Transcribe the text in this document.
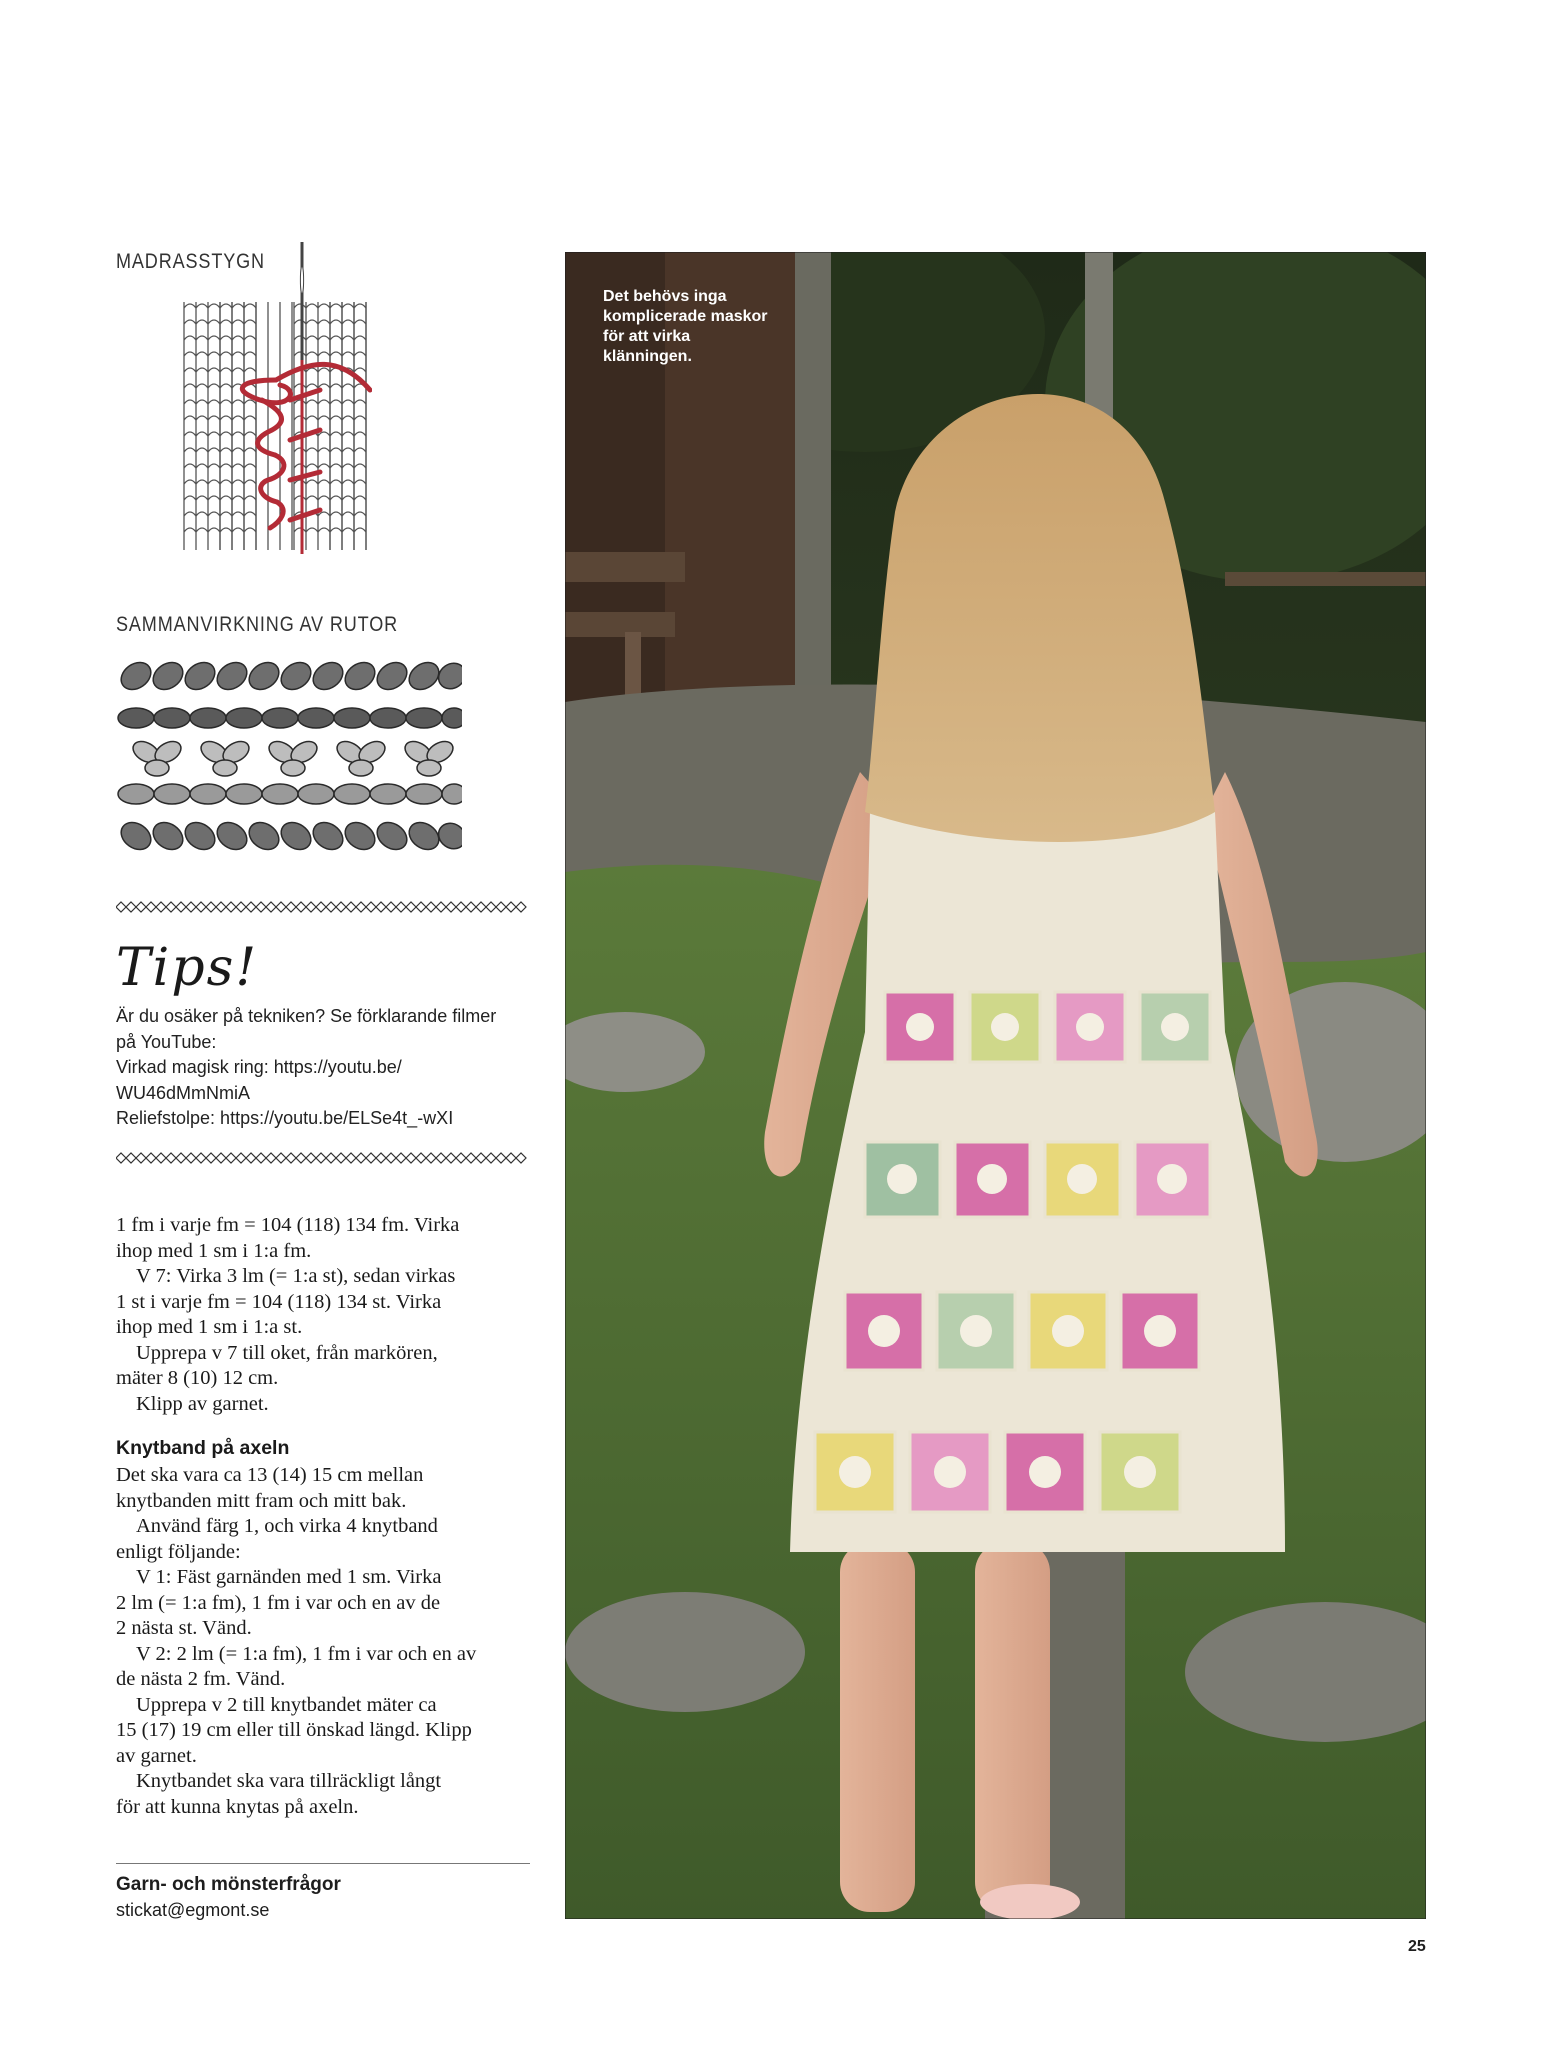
MADRASSTYGN
SAMMANVIRKNING AV RUTOR
Tips!
Är du osäker på tekniken? Se förklarande filmer
på YouTube:
Virkad magisk ring: https://youtu.be/
WU46dMmNmiA
Reliefstolpe: https://youtu.be/ELSe4t_-wXI
1 fm i varje fm = 104 (118) 134 fm. Virka
ihop med 1 sm i 1:a fm.
V 7: Virka 3 lm (= 1:a st), sedan virkas
1 st i varje fm = 104 (118) 134 st. Virka
ihop med 1 sm i 1:a st.
Upprepa v 7 till oket, från markören,
mäter 8 (10) 12 cm.
Klipp av garnet.
Knytband på axeln
Det ska vara ca 13 (14) 15 cm mellan
knytbanden mitt fram och mitt bak.
Använd färg 1, och virka 4 knytband
enligt följande:
V 1: Fäst garnänden med 1 sm. Virka
2 lm (= 1:a fm), 1 fm i var och en av de
2 nästa st. Vänd.
V 2: 2 lm (= 1:a fm), 1 fm i var och en av
de nästa 2 fm. Vänd.
Upprepa v 2 till knytbandet mäter ca
15 (17) 19 cm eller till önskad längd. Klipp
av garnet.
Knytbandet ska vara tillräckligt långt
för att kunna knytas på axeln.
Garn- och mönsterfrågor
stickat@egmont.se
Det behövs inga komplicerade maskor för att virka klänningen.
25
